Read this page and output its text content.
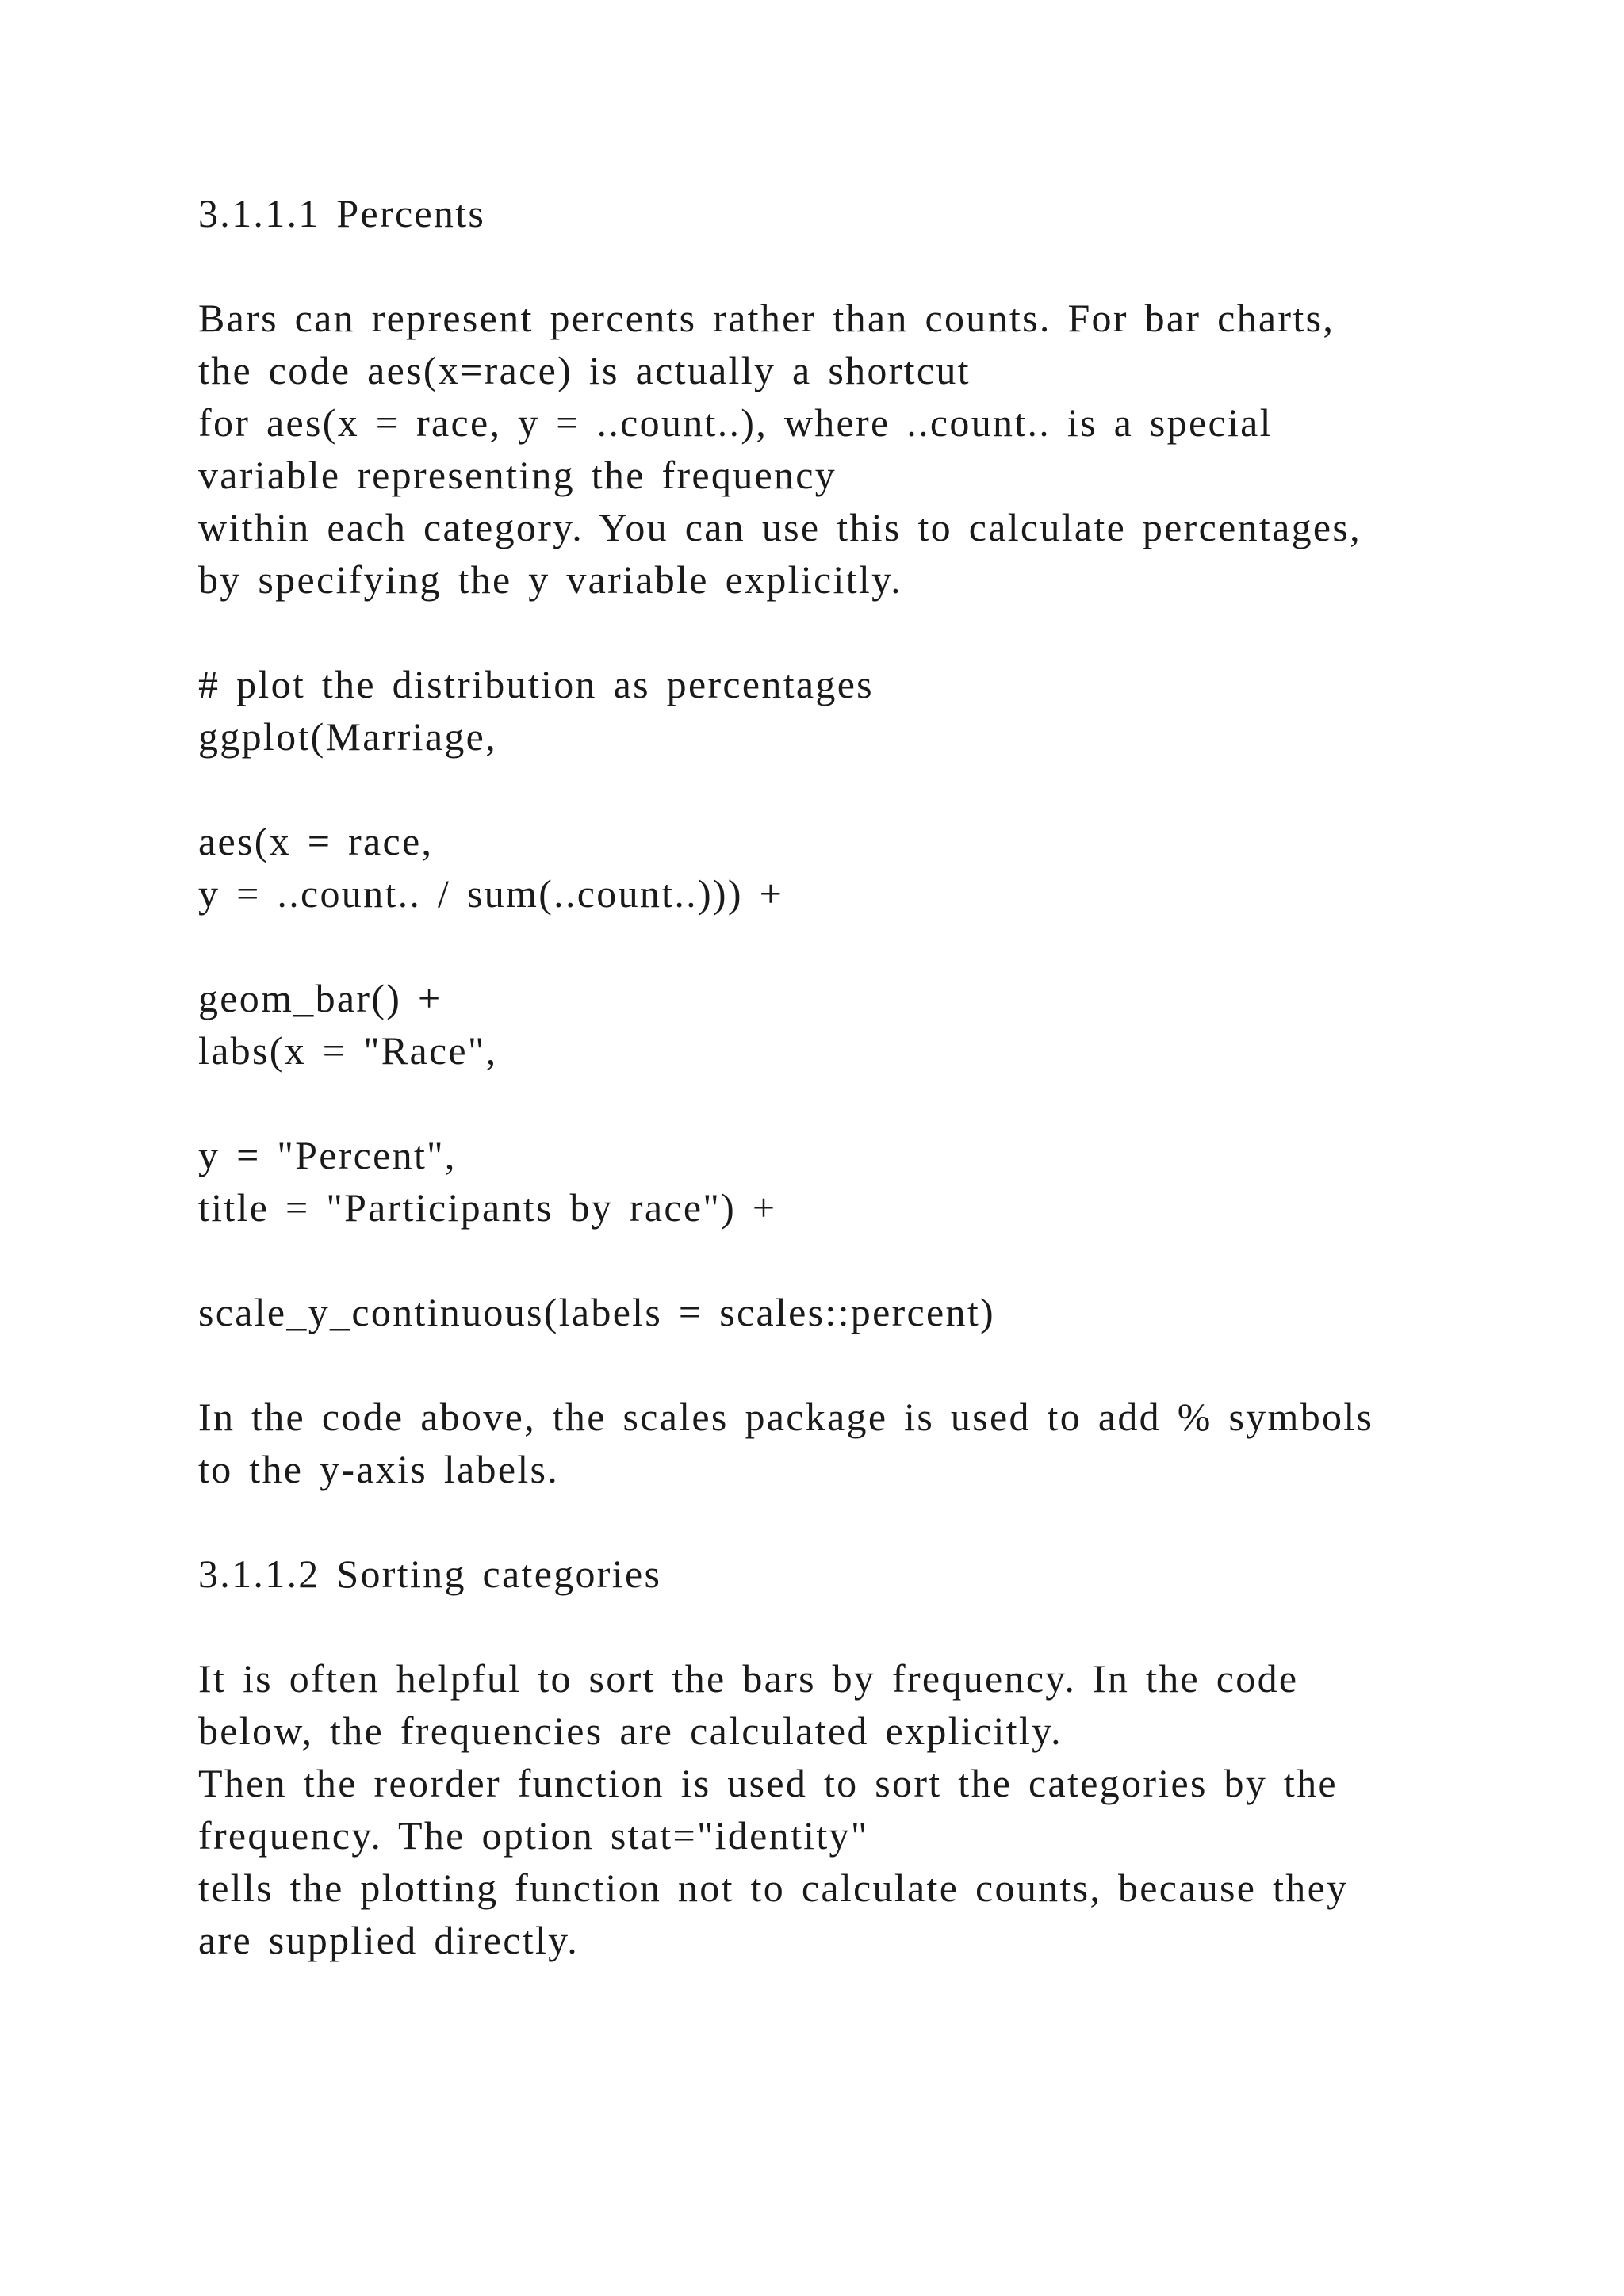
3.1.1.1 Percents
Bars can represent percents rather than counts. For bar charts,
the code aes(x=race) is actually a shortcut
for aes(x = race, y = ..count..), where ..count.. is a special
variable representing the frequency
within each category. You can use this to calculate percentages,
by specifying the y variable explicitly.
# plot the distribution as percentages
ggplot(Marriage,
aes(x = race,
y = ..count.. / sum(..count..))) +
geom_bar() +
labs(x = "Race",
y = "Percent",
title = "Participants by race") +
scale_y_continuous(labels = scales::percent)
In the code above, the scales package is used to add % symbols
to the y-axis labels.
3.1.1.2 Sorting categories
It is often helpful to sort the bars by frequency. In the code
below, the frequencies are calculated explicitly.
Then the reorder function is used to sort the categories by the
frequency. The option stat="identity"
tells the plotting function not to calculate counts, because they
are supplied directly.
